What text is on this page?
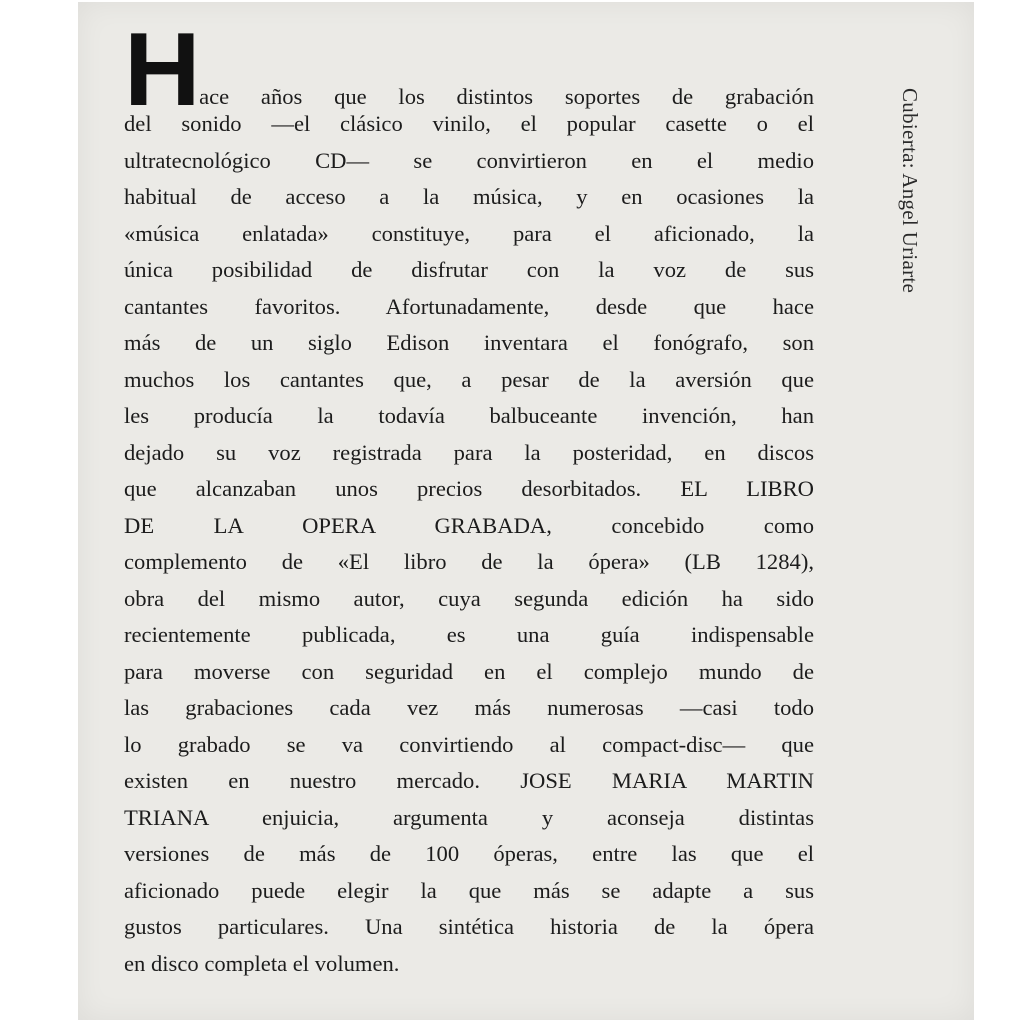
H ace años que los distintos soportes de grabación
del sonido —el clásico vinilo, el popular casette o el
ultratecnológico CD— se convirtieron en el medio
habitual de acceso a la música, y en ocasiones la
«música enlatada» constituye, para el aficionado, la
única posibilidad de disfrutar con la voz de sus
cantantes favoritos. Afortunadamente, desde que hace
más de un siglo Edison inventara el fonógrafo, son
muchos los cantantes que, a pesar de la aversión que
les producía la todavía balbuceante invención, han
dejado su voz registrada para la posteridad, en discos
que alcanzaban unos precios desorbitados. EL LIBRO
DE LA OPERA GRABADA, concebido como
complemento de «El libro de la ópera» (LB 1284),
obra del mismo autor, cuya segunda edición ha sido
recientemente publicada, es una guía indispensable
para moverse con seguridad en el complejo mundo de
las grabaciones cada vez más numerosas —casi todo
lo grabado se va convirtiendo al compact-disc— que
existen en nuestro mercado. JOSE MARIA MARTIN
TRIANA enjuicia, argumenta y aconseja distintas
versiones de más de 100 óperas, entre las que el
aficionado puede elegir la que más se adapte a sus
gustos particulares. Una sintética historia de la ópera
en disco completa el volumen.
Cubierta: Angel Uriarte
